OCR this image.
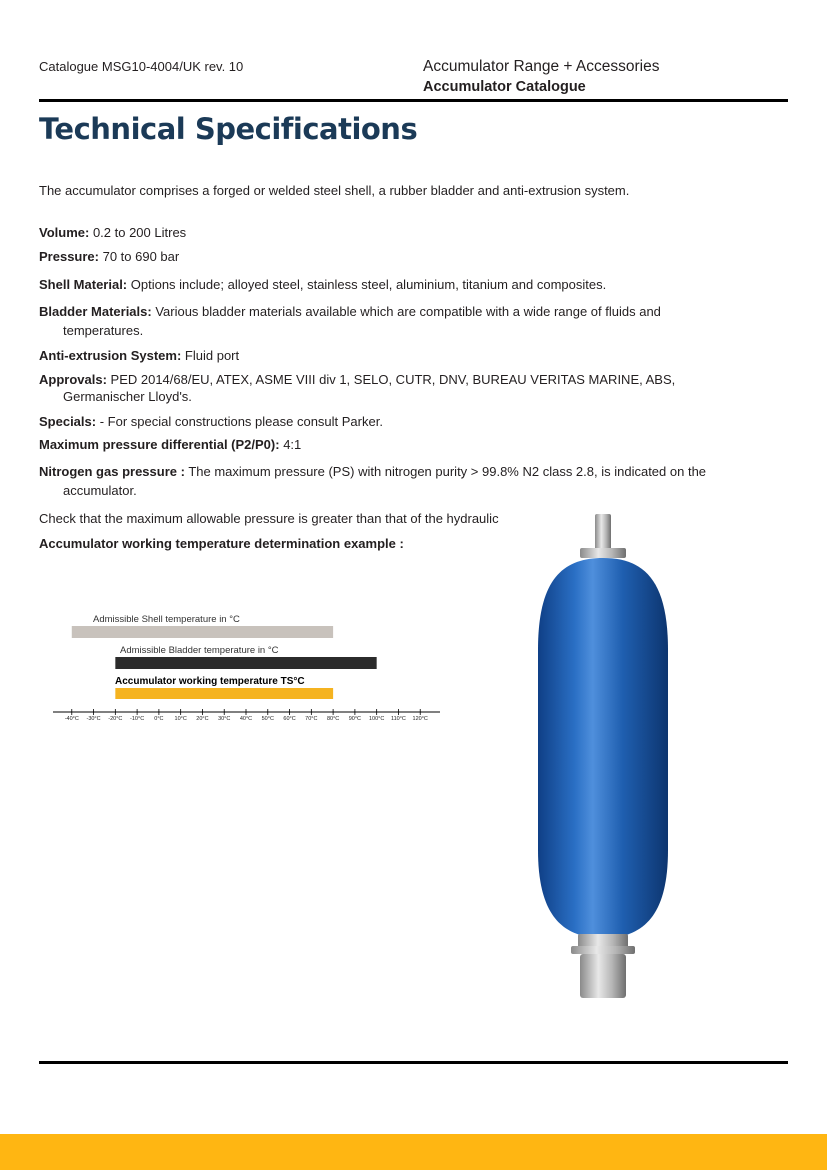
Catalogue MSG10-4004/UK rev. 10	Accumulator Range + Accessories
Accumulator Catalogue
Technical Specifications
The accumulator comprises a forged or welded steel shell, a rubber bladder and anti-extrusion system.
Volume: 0.2 to 200 Litres
Pressure: 70 to 690 bar
Shell Material: Options include; alloyed steel, stainless steel, aluminium, titanium and composites.
Bladder Materials: Various bladder materials available which are compatible with a wide range of fluids and
temperatures.
Anti-extrusion System: Fluid port
Approvals: PED 2014/68/EU, ATEX, ASME VIII div 1, SELO, CUTR, DNV, BUREAU VERITAS MARINE, ABS,
Germanischer Lloyd's.
Specials: - For special constructions please consult Parker.
Maximum pressure differential (P2/P0): 4:1
Nitrogen gas pressure : The maximum pressure (PS) with nitrogen purity > 99.8% N2 class 2.8, is indicated on the
accumulator.
Check that the maximum allowable pressure is greater than that of the hydraulic
Accumulator working temperature determination example :
Admissible Shell temperature in °C
Admissible Bladder temperature in °C
Accumulator working temperature TS°C
-40°C -30°C -20°C -10°C 0°C 10°C 20°C 30°C 40°C 50°C 60°C 70°C 80°C 90°C 100°C 110°C 120°C
